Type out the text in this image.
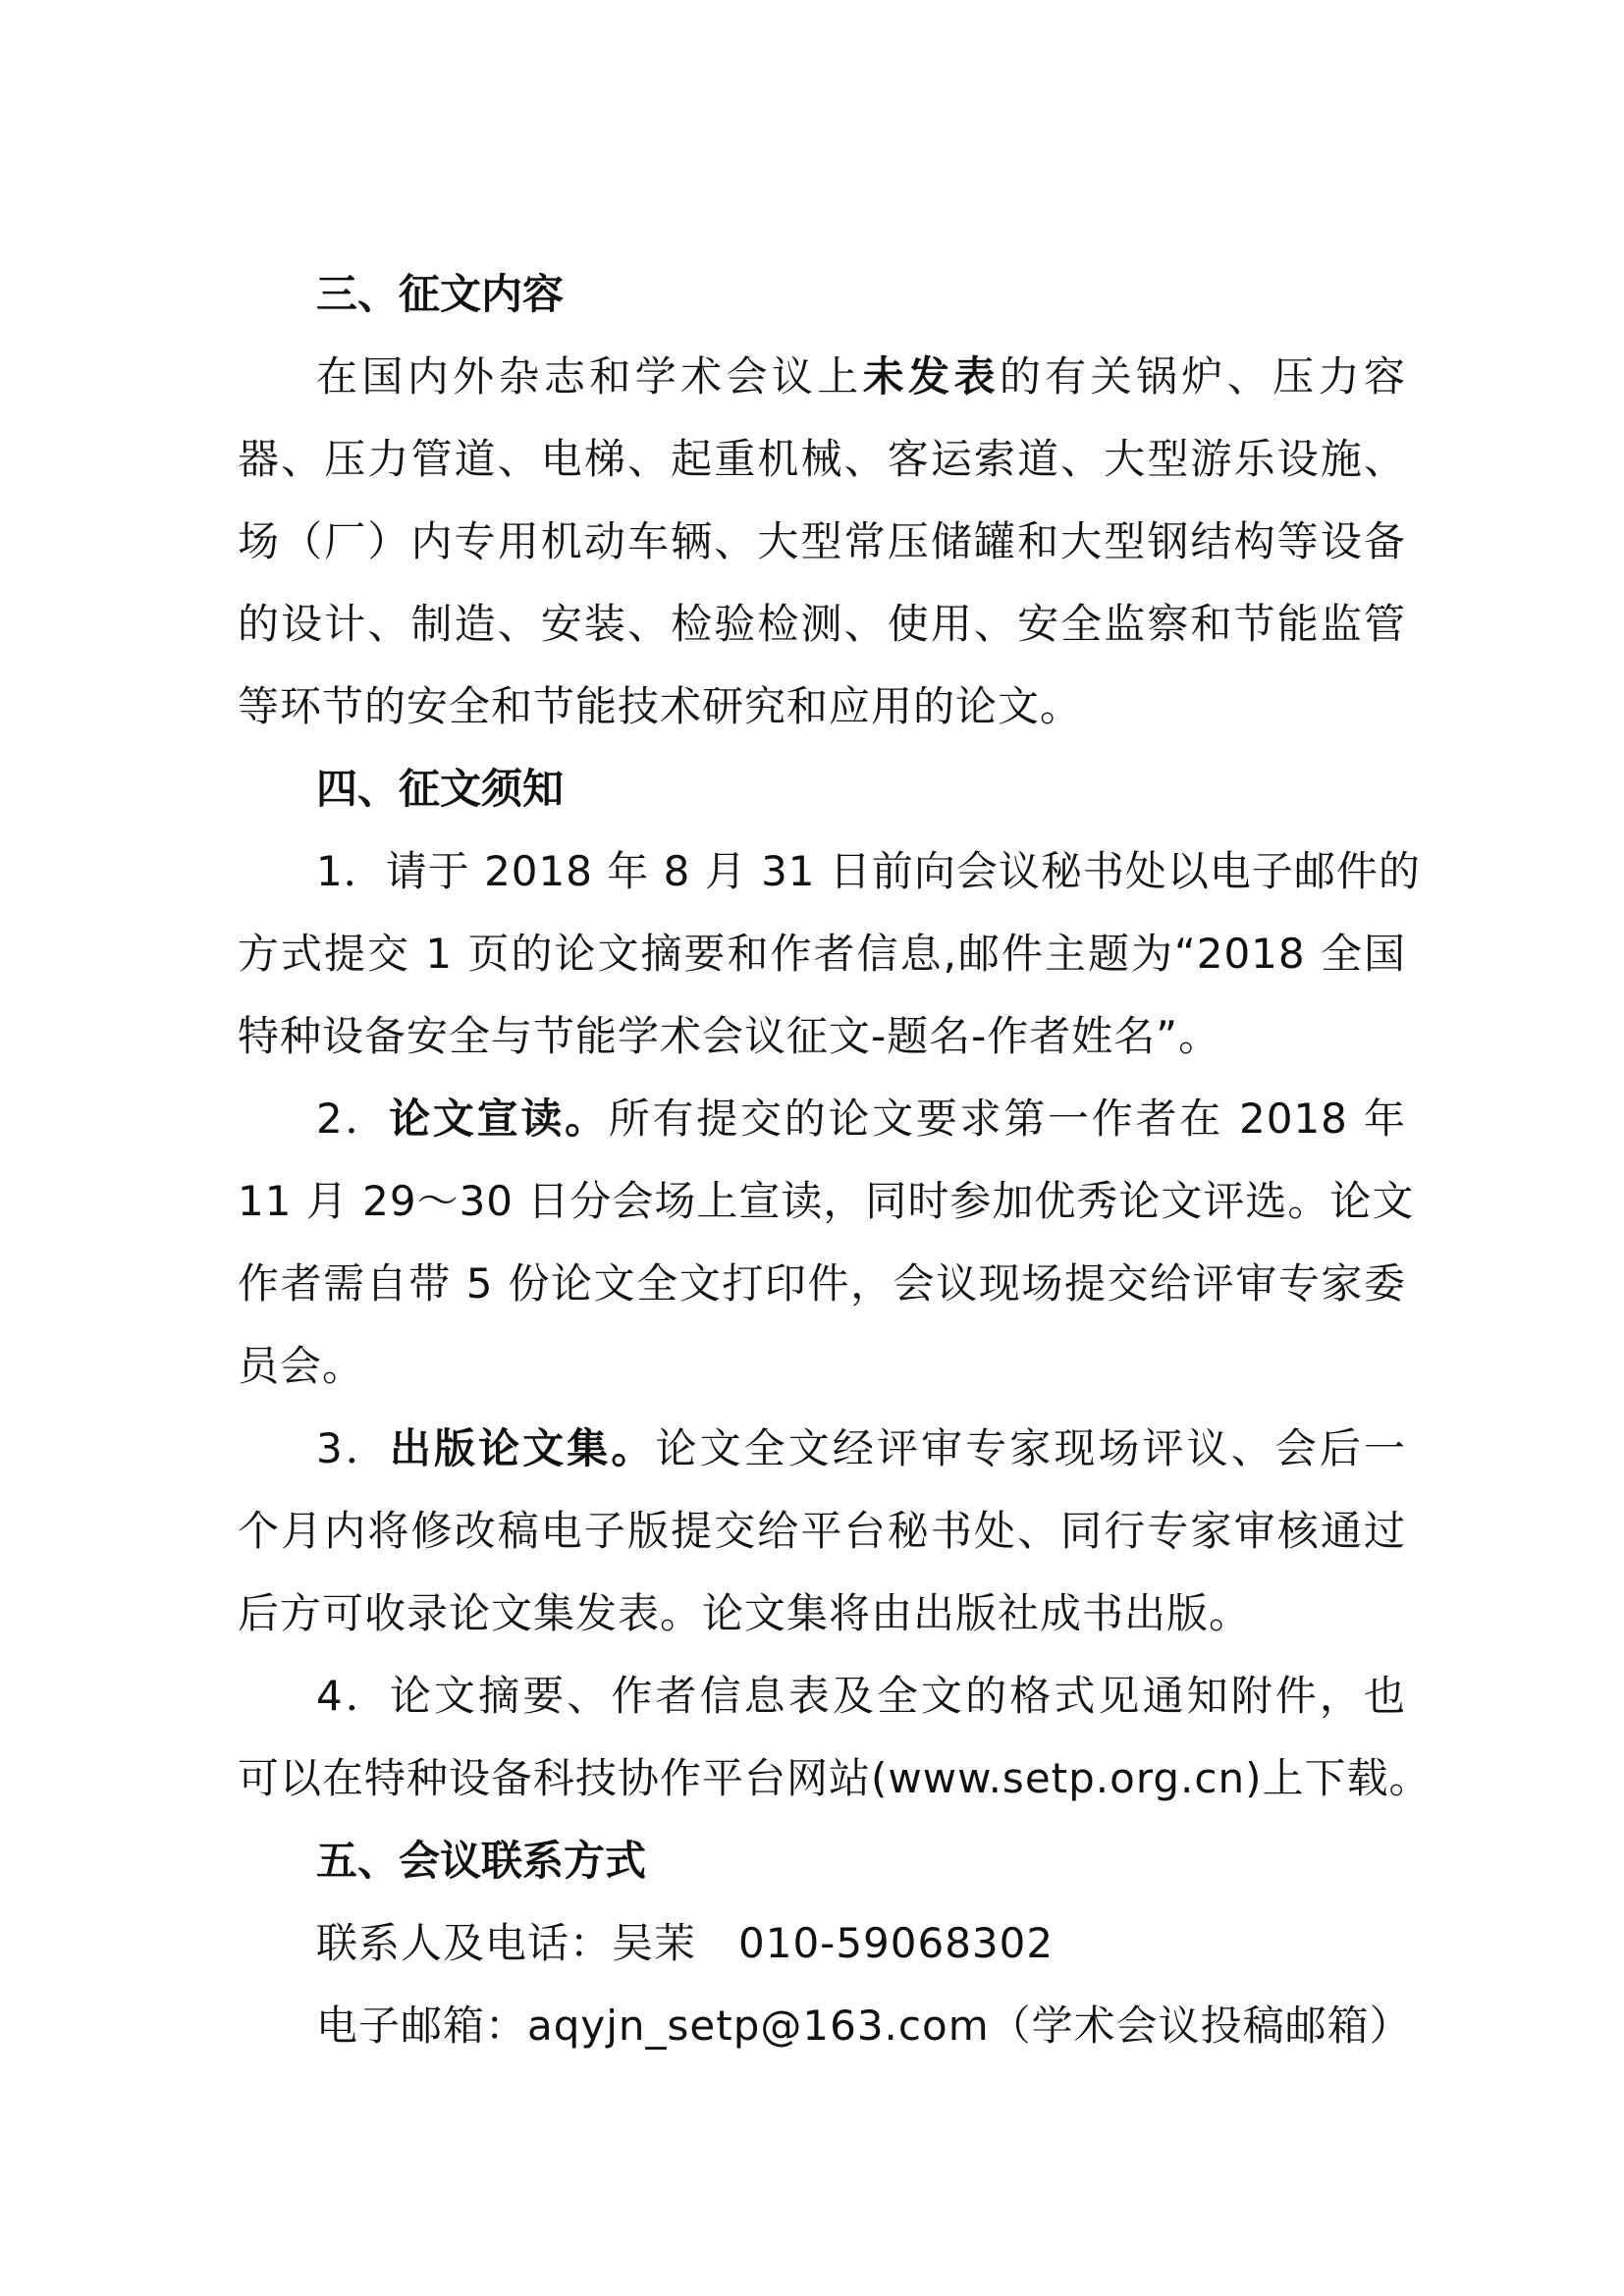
三、征文内容
在国内外杂志和学术会议上未发表的有关锅炉、压力容
器、压力管道、电梯、起重机械、客运索道、大型游乐设施、
场（厂）内专用机动车辆、大型常压储罐和大型钢结构等设备
的设计、制造、安装、检验检测、使用、安全监察和节能监管
等环节的安全和节能技术研究和应用的论文。
四、征文须知
1．请于 2018 年 8 月 31 日前向会议秘书处以电子邮件的
方式提交 1 页的论文摘要和作者信息,邮件主题为“2018 全国
特种设备安全与节能学术会议征文-题名-作者姓名”。
2．论文宣读。所有提交的论文要求第一作者在 2018 年
11 月 29～30 日分会场上宣读，同时参加优秀论文评选。论文
作者需自带 5 份论文全文打印件，会议现场提交给评审专家委
员会。
3．出版论文集。论文全文经评审专家现场评议、会后一
个月内将修改稿电子版提交给平台秘书处、同行专家审核通过
后方可收录论文集发表。论文集将由出版社成书出版。
4．论文摘要、作者信息表及全文的格式见通知附件，也
可以在特种设备科技协作平台网站(www.setp.org.cn)上下载。
五、会议联系方式
联系人及电话：吴茉　010-59068302
电子邮箱：aqyjn_setp@163.com（学术会议投稿邮箱）
